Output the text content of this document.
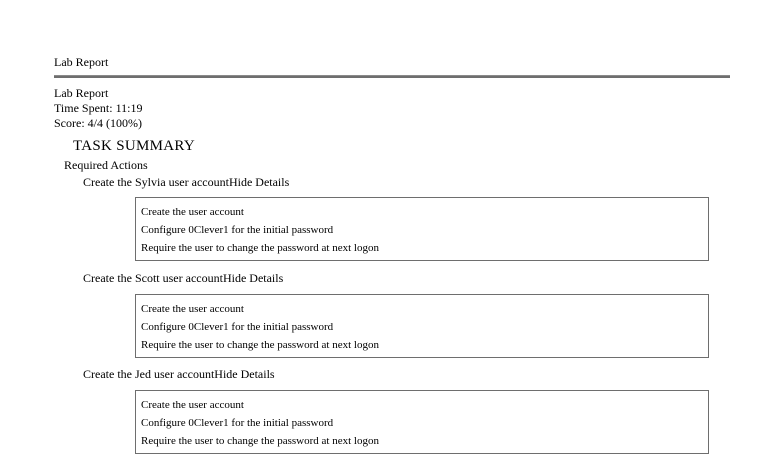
Lab Report
Lab Report
Time Spent: 11:19
Score: 4/4 (100%)
TASK SUMMARY
Required Actions
Create the Sylvia user accountHide Details
Create the user account
Configure 0Clever1 for the initial password
Require the user to change the password at next logon
Create the Scott user accountHide Details
Create the user account
Configure 0Clever1 for the initial password
Require the user to change the password at next logon
Create the Jed user accountHide Details
Create the user account
Configure 0Clever1 for the initial password
Require the user to change the password at next logon
